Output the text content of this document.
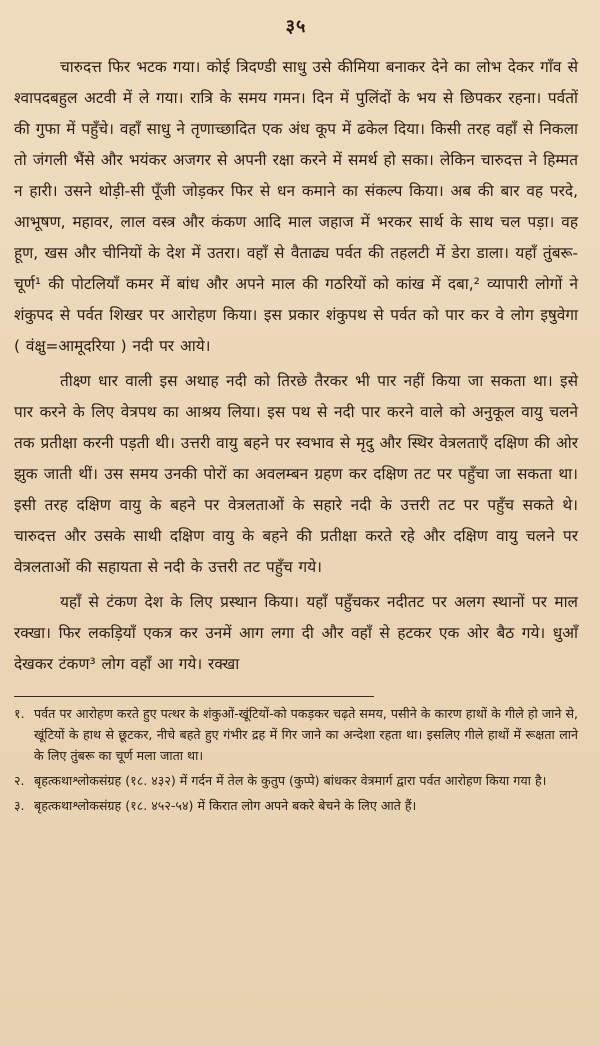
३५

चारुदत्त फिर भटक गया। कोई त्रिदण्डी साधु उसे कीमिया बनाकर देने का लोभ देकर गाँव से श्वापदबहुल अटवी में ले गया। रात्रि के समय गमन। दिन में पुलिंदों के भय से छिपकर रहना। पर्वतों की गुफा में पहुँचे। वहाँ साधु ने तृणाच्छादित एक अंध कूप में ढकेल दिया। किसी तरह वहाँ से निकला तो जंगली भैंसे और भयंकर अजगर से अपनी रक्षा करने में समर्थ हो सका। लेकिन चारुदत्त ने हिम्मत न हारी। उसने थोड़ी-सी पूँजी जोड़कर फिर से धन कमाने का संकल्प किया। अब की बार वह परदे, आभूषण, महावर, लाल वस्त्र और कंकण आदि माल जहाज में भरकर सार्थ के साथ चल पड़ा। वह हूण, खस और चीनियों के देश में उतरा। वहाँ से वैताढ्य पर्वत की तहलटी में डेरा डाला। यहाँ तुंबरू-चूर्ण¹ की पोटलियाँ कमर में बांध और अपने माल की गठरियों को कांख में दबा,² व्यापारी लोगों ने शंकुपद से पर्वत शिखर पर आरोहण किया। इस प्रकार शंकुपथ से पर्वत को पार कर वे लोग इषुवेगा ( वंक्षु=आमूदरिया ) नदी पर आये।

तीक्ष्ण धार वाली इस अथाह नदी को तिरछे तैरकर भी पार नहीं किया जा सकता था। इसे पार करने के लिए वेत्रपथ का आश्रय लिया। इस पथ से नदी पार करने वाले को अनुकूल वायु चलने तक प्रतीक्षा करनी पड़ती थी। उत्तरी वायु बहने पर स्वभाव से मृदु और स्थिर वेत्रलताएँ दक्षिण की ओर झुक जाती थीं। उस समय उनकी पोरों का अवलम्बन ग्रहण कर दक्षिण तट पर पहुँचा जा सकता था। इसी तरह दक्षिण वायु के बहने पर वेत्रलताओं के सहारे नदी के उत्तरी तट पर पहुँच सकते थे। चारुदत्त और उसके साथी दक्षिण वायु के बहने की प्रतीक्षा करते रहे और दक्षिण वायु चलने पर वेत्रलताओं की सहायता से नदी के उत्तरी तट पहुँच गये।

यहाँ से टंकण देश के लिए प्रस्थान किया। यहाँ पहुँचकर नदीतट पर अलग स्थानों पर माल रक्खा। फिर लकड़ियाँ एकत्र कर उनमें आग लगा दी और वहाँ से हटकर एक ओर बैठ गये। धुआँ देखकर टंकण³ लोग वहाँ आ गये। रक्खा

१. पर्वत पर आरोहण करते हुए पत्थर के शंकुओं-खूंटियों-को पकड़कर चढ़ते समय, पसीने के कारण हाथों के गीले हो जाने से, खूंटियों के हाथ से छूटकर, नीचे बहते हुए गंभीर द्रह में गिर जाने का अन्देशा रहता था। इसलिए गीले हाथों में रूक्षता लाने के लिए तुंबरू का चूर्ण मला जाता था।
२. बृहत्कथाश्लोकसंग्रह (१८. ४३२) में गर्दन में तेल के कुतुप (कुप्पे) बांधकर वेत्रमार्ग द्वारा पर्वत आरोहण किया गया है।
३. बृहत्कथाश्लोकसंग्रह (१८. ४५२-५४) में किरात लोग अपने बकरे बेचने के लिए आते हैं।
